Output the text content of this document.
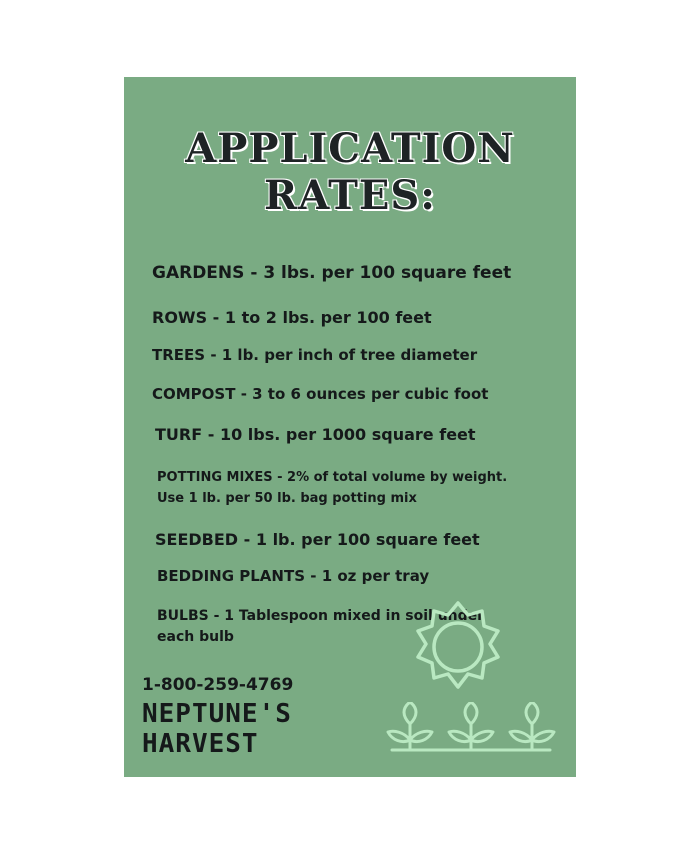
APPLICATION
RATES:
GARDENS - 3 lbs. per 100 square feet
ROWS - 1 to 2 lbs. per 100 feet
TREES - 1 lb. per inch of tree diameter
COMPOST - 3 to 6 ounces per cubic foot
TURF - 10 lbs. per 1000 square feet
POTTING MIXES - 2% of total volume by weight.
Use 1 lb. per 50 lb. bag potting mix
SEEDBED - 1 lb. per 100 square feet
BEDDING PLANTS - 1 oz per tray
BULBS - 1 Tablespoon mixed in soil under
each bulb
1-800-259-4769
NEPTUNE'S
HARVEST
